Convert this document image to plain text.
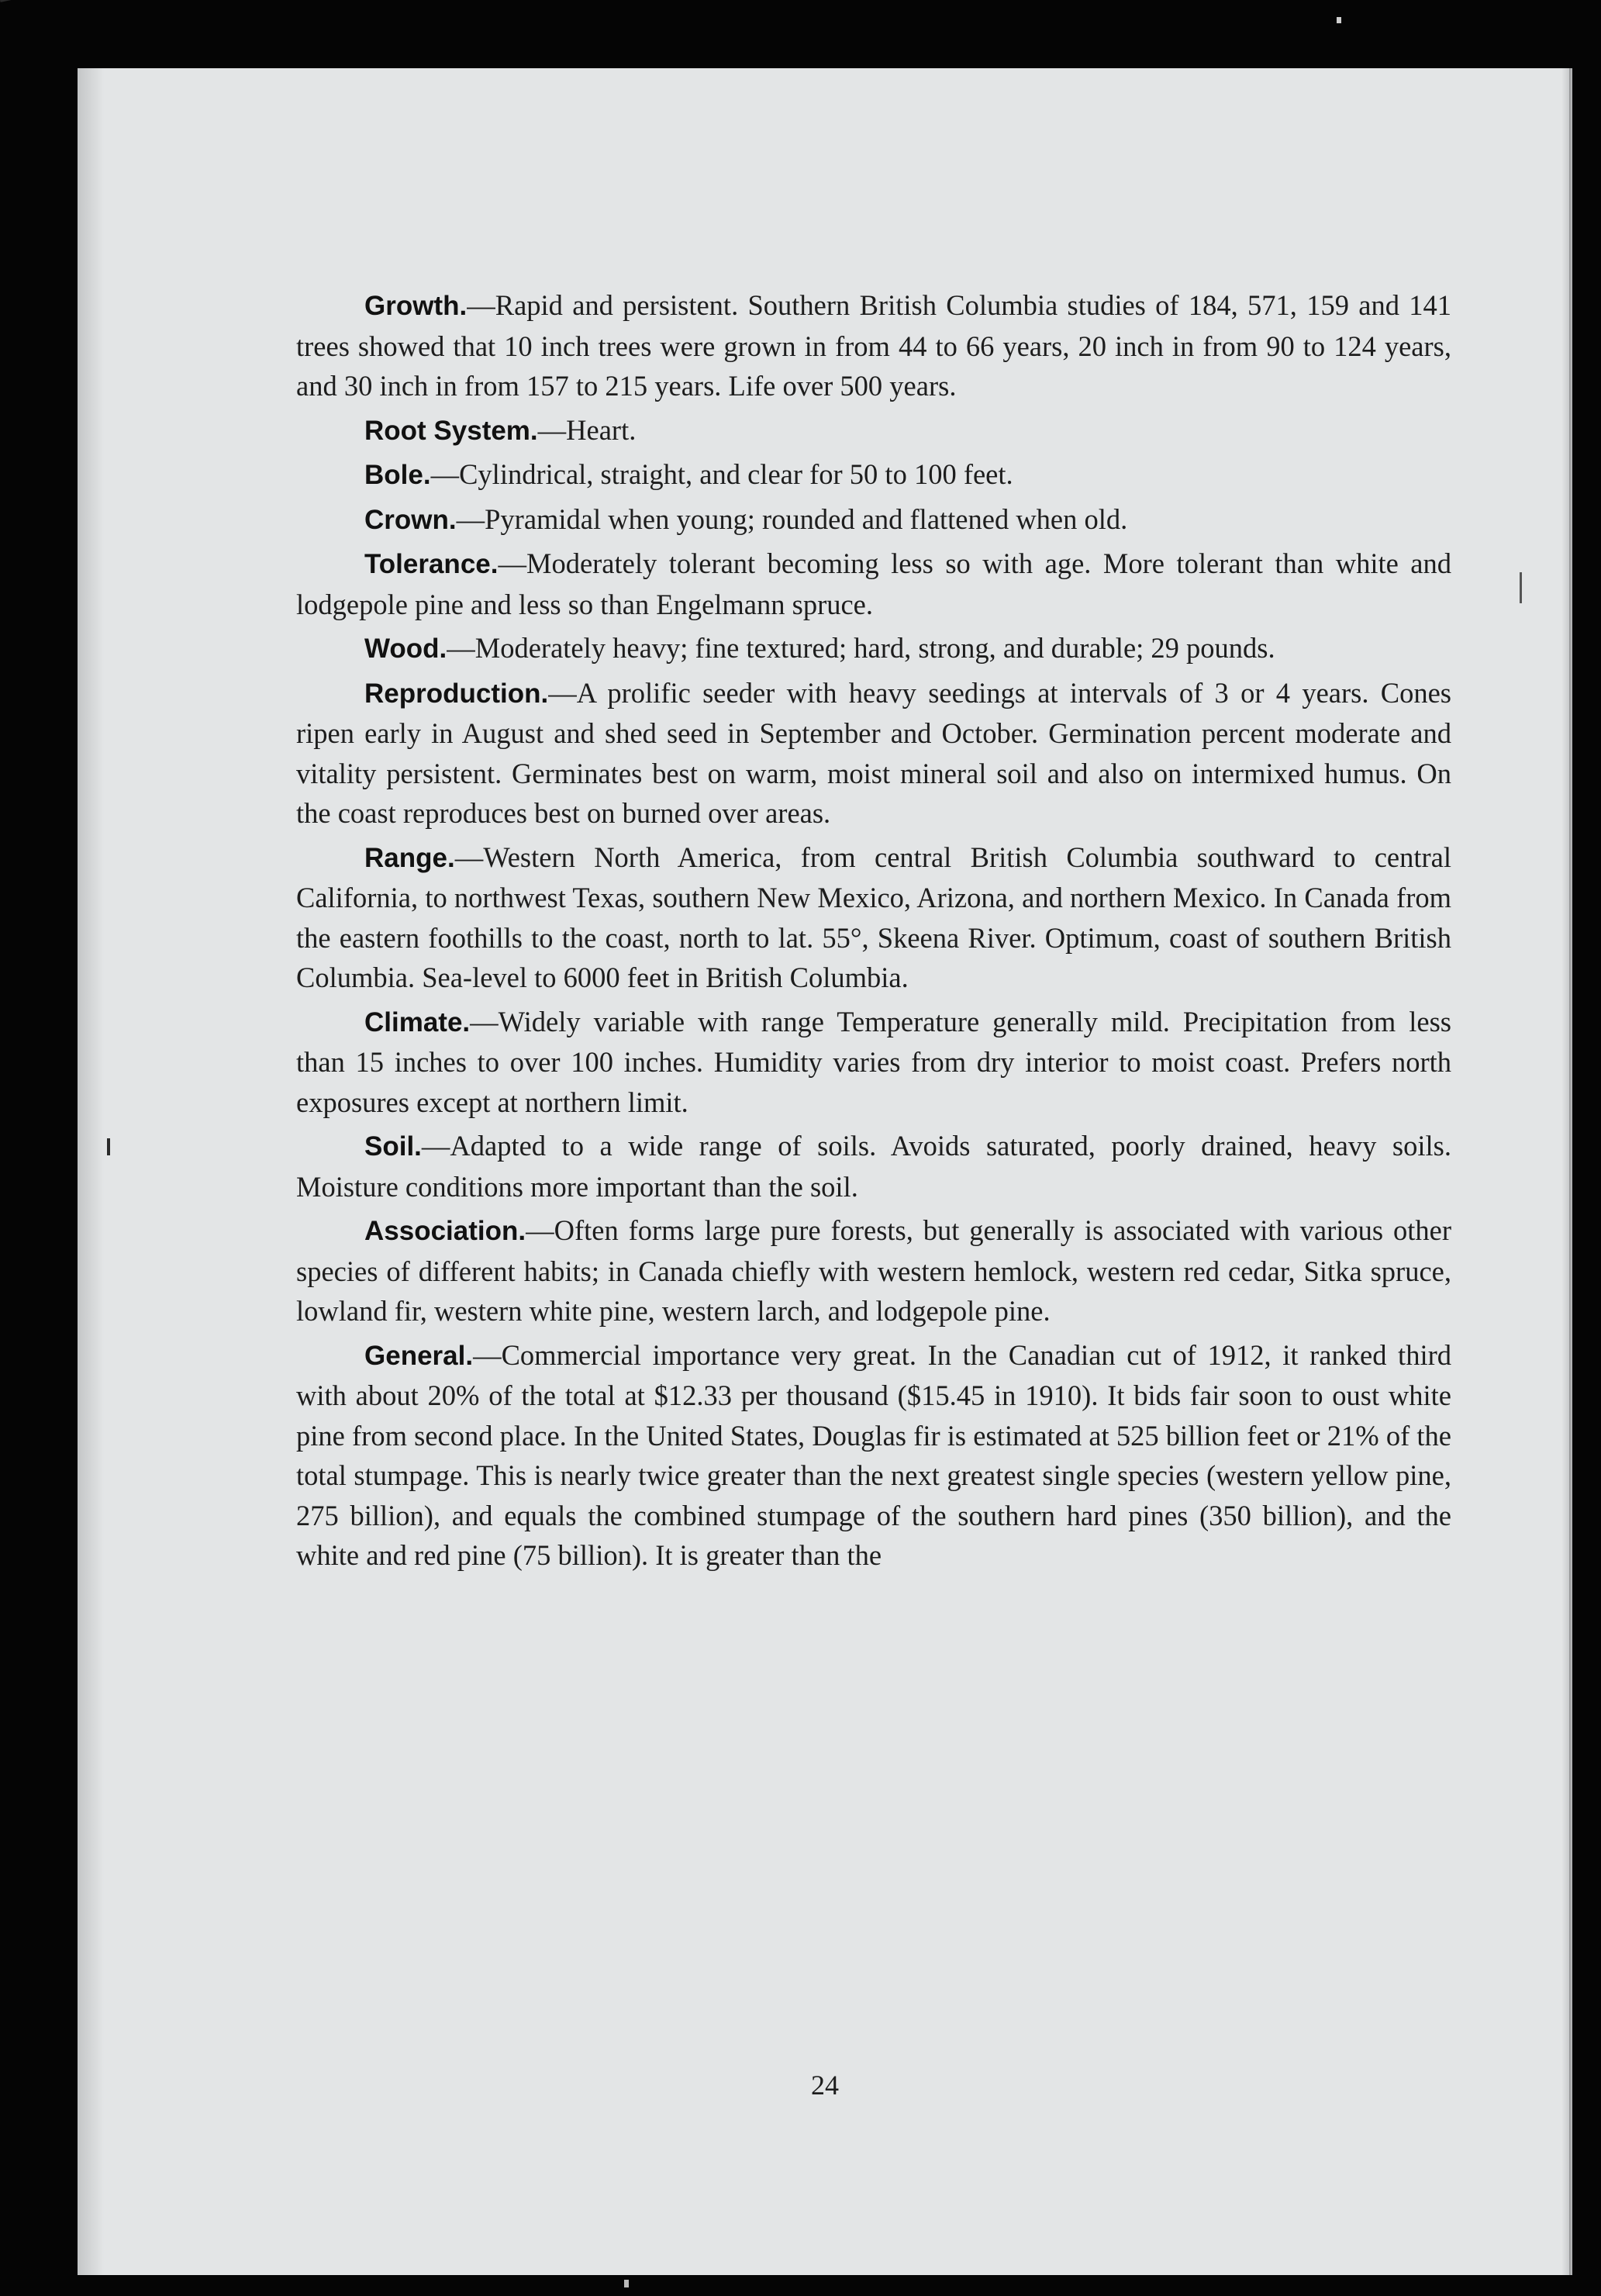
Growth.—Rapid and persistent. Southern British Columbia studies of 184, 571, 159 and 141 trees showed that 10 inch trees were grown in from 44 to 66 years, 20 inch in from 90 to 124 years, and 30 inch in from 157 to 215 years. Life over 500 years.

Root System.—Heart.

Bole.—Cylindrical, straight, and clear for 50 to 100 feet.

Crown.—Pyramidal when young; rounded and flattened when old.

Tolerance.—Moderately tolerant becoming less so with age. More tolerant than white and lodgepole pine and less so than Engelmann spruce.

Wood.—Moderately heavy; fine textured; hard, strong, and durable; 29 pounds.

Reproduction.—A prolific seeder with heavy seedings at intervals of 3 or 4 years. Cones ripen early in August and shed seed in September and October. Germination percent moderate and vitality persistent. Germinates best on warm, moist mineral soil and also on intermixed humus. On the coast reproduces best on burned over areas.

Range.—Western North America, from central British Columbia southward to central California, to northwest Texas, southern New Mexico, Arizona, and northern Mexico. In Canada from the eastern foothills to the coast, north to lat. 55°, Skeena River. Optimum, coast of southern British Columbia. Sea-level to 6000 feet in British Columbia.

Climate.—Widely variable with range Temperature generally mild. Precipitation from less than 15 inches to over 100 inches. Humidity varies from dry interior to moist coast. Prefers north exposures except at northern limit.

Soil.—Adapted to a wide range of soils. Avoids saturated, poorly drained, heavy soils. Moisture conditions more important than the soil.

Association.—Often forms large pure forests, but generally is associated with various other species of different habits; in Canada chiefly with western hemlock, western red cedar, Sitka spruce, lowland fir, western white pine, western larch, and lodgepole pine.

General.—Commercial importance very great. In the Canadian cut of 1912, it ranked third with about 20% of the total at $12.33 per thousand ($15.45 in 1910). It bids fair soon to oust white pine from second place. In the United States, Douglas fir is estimated at 525 billion feet or 21% of the total stumpage. This is nearly twice greater than the next greatest single species (western yellow pine, 275 billion), and equals the combined stumpage of the southern hard pines (350 billion), and the white and red pine (75 billion). It is greater than the

24
